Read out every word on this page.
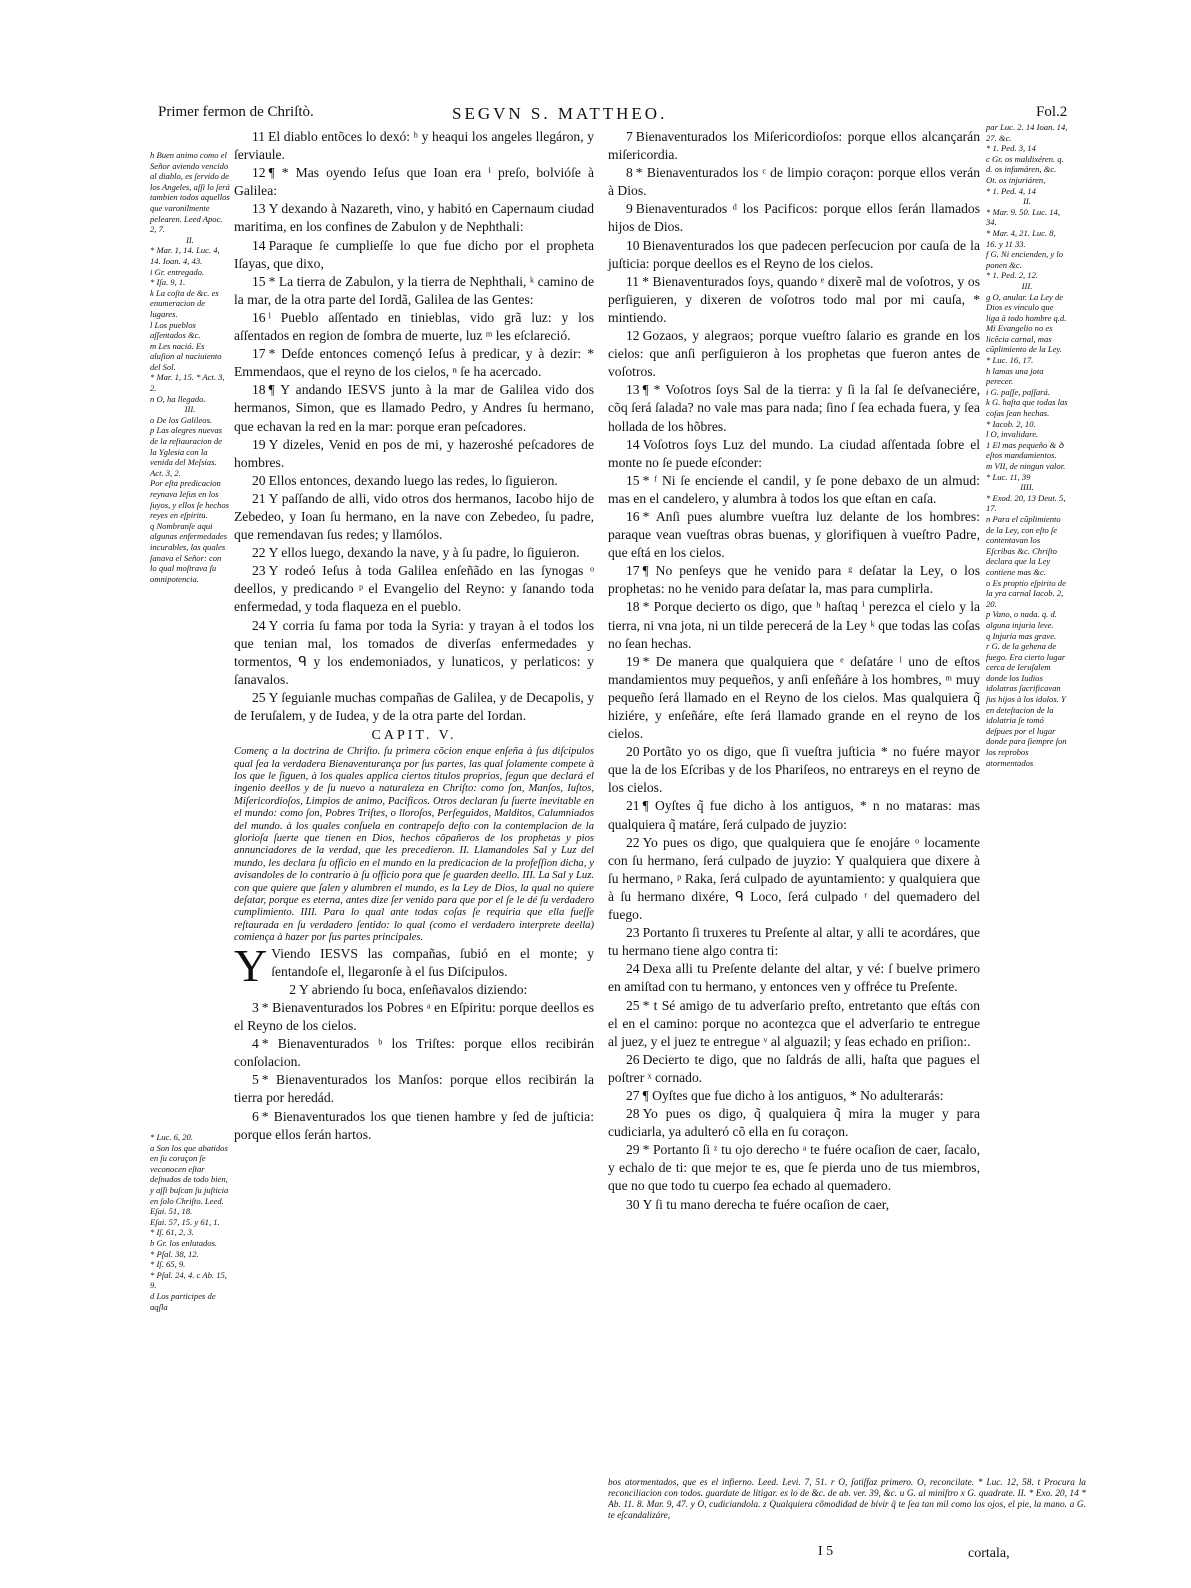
Primer fermon de Chriſtò.	SEGVN S. MATTHEO.	Fol.2
h Buen animo como el Señor aviendo vencido al diablo, es ſervido de los Angeles, aſſi lo ſerá tambien todos aquellos que varonilmente pelearen. Leed Apoc. 2, 7.
II.
* Mar. 1, 14. Luc. 4, 14. Ioan. 4, 43.
i Gr. entregado.
* Iſa. 9, 1.
k La coſta de &c. es enumeracion de lugares.
l Los pueblos aſſentados &c.
m Les nació. Es aluſion al naciuiento del Sol.
* Mar. 1, 15. * Act. 3, 2.
n O, ha llegado.
III.
o De los Galileos.
p Las alegres nuevas de la reſtauracion de la Yglesia con la venida del Meſsias. Act. 3, 2.
Por eſta predicacion reynava Ieſus en los ſuyos, y ellos ſe hechos reyes en eſpiritu.
q Nombranſe aqui algunas enfermedades incurables, las quales ſanava el Señor: con lo qual moſtrava ſu omnipotencia.
* Luc. 6, 20.
a Son los que abatidos en ſu coraçon ſe veconocen eſtar deſnudos de todo bien, y aſſi buſcan ſu juſticia en ſolo Chriſto. Leed. Eſai. 51, 18.
Eſai. 57, 15. y 61, 1.
* Iſ. 61, 2, 3.
b Gr. los enlutados.
* Pſal. 38, 12.
* Iſ. 65, 9.
* Pſal. 24, 4. c Ab. 15, 9.
d Los participes de aqſla

11 El diablo entõces lo dexó: ʰ y heaqui los angeles llegáron, y ſerviaule.

12 ¶ * Mas oyendo Ieſus que Ioan era ⁱ preſo, bolvióſe à Galilea:

13 Y dexando à Nazareth, vino, y habitó en Capernaum ciudad maritima, en los confines de Zabulon y de Nephthali:

14 Paraque ſe cumplieſſe lo que fue dicho por el propheta Iſayas, que dixo,

15 * La tierra de Zabulon, y la tierra de Nephthali, ᵏ camino de la mar, de la otra parte del Iordã, Galilea de las Gentes:

16 ˡ Pueblo aſſentado en tinieblas, vido grã luz: y los aſſentados en region de ſombra de muerte, luz ᵐ les eſclareció.

17 * Deſde entonces començó Ieſus à predicar, y à dezir: * Emmendaos, que el reyno de los cielos, ⁿ ſe ha acercado.

18 ¶ Y andando IESVS junto à la mar de Galilea vido dos hermanos, Simon, que es llamado Pedro, y Andres ſu hermano, que echavan la red en la mar: porque eran peſcadores.

19 Y dizeles, Venid en pos de mi, y hazeroshé peſcadores de hombres.

20 Ellos entonces, dexando luego las redes, lo ſiguieron.

21 Y paſſando de alli, vido otros dos hermanos, Iacobo hijo de Zebedeo, y Ioan ſu hermano, en la nave con Zebedeo, ſu padre, que remendavan ſus redes; y llamólos.

22 Y ellos luego, dexando la nave, y à ſu padre, lo ſiguieron.

23 Y rodeó Ieſus à toda Galilea enſeñãdo en las ſynogas ᵒ deellos, y predicando ᵖ el Evangelio del Reyno: y ſanando toda enfermedad, y toda flaqueza en el pueblo.

24 Y corria ſu fama por toda la Syria: y trayan à el todos los que tenian mal, los tomados de diverſas enfermedades y tormentos, ᑫ y los endemoniados, y lunaticos, y perlaticos: y ſanavalos.

25 Y ſeguianle muchas compañas de Galilea, y de Decapolis, y de Ieruſalem, y de Iudea, y de la otra parte del Iordan.

CAPIT. V.

Començ a la doctrina de Chriſto. ſu primera cõcion enque enſeña à ſus diſcipulos qual ſea la verdadera Bienaventurança por ſus partes, las qual ſolamente compete à los que le ſiguen, à los quales applica ciertos titulos proprios, ſegun que declará el ingenio deellos y de ſu nuevo a naturaleza en Chriſto: como ſon, Manſos, Iuſtos, Miſericordioſos, Limpios de animo, Pacificos. Otros declaran ſu ſuerte inevitable en el mundo: como ſon, Pobres Triſtes, o lloroſos, Perſeguidos, Malditos, Calumniados del mundo. à los quales conſuela en contrapeſo deſto con la contemplacion de la glorioſa ſuerte que tienen en Dios, hechos cõpañeros de los prophetas y pios annunciadores de la verdad, que les precedieron. II. Llamandoles Sal y Luz del mundo, les declara ſu officio en el mundo en la predicacion de la profeſſion dicha, y avisandoles de lo contrario à ſu officio pora que ſe guarden deello. III. La Sal y Luz. con que quiere que ſalen y alumbren el mundo, es la Ley de Dios, la qual no quiere deſatar, porque es eterna, antes dize ſer venido para que por el ſe le dé ſu verdadero cumplimiento. IIII. Para lo qual ante todas coſas ſe requiria que ella fueſſe reſtaurada en ſu verdadero ſentido: lo qual (como el verdadero interprete deella) comiença à hazer por ſus partes principales.

Y Viendo IESVS las compañas, ſubió en el monte; y ſentandoſe el, llegaronſe à el ſus Diſcipulos.

2 Y abriendo ſu boca, enſeñavalos diziendo:

3 * Bienaventurados los Pobres ᵃ en Eſpiritu: porque deellos es el Reyno de los cielos.

4 * Bienaventurados ᵇ los Triſtes: porque ellos recibirán conſolacion.

5 * Bienaventurados los Manſos: porque ellos recibirán la tierra por heredád.

6 * Bienaventurados los que tienen hambre y ſed de juſticia: porque ellos ſerán hartos.

7 Bienaventurados los Miſericordioſos: porque ellos alcançarán miſericordia.

8 * Bienaventurados los ᶜ de limpio coraçon: porque ellos verán à Dios.

9 Bienaventurados ᵈ los Pacificos: porque ellos ſerán llamados hijos de Dios.

10 Bienaventurados los que padecen perſecucion por cauſa de la juſticia: porque deellos es el Reyno de los cielos.

11 * Bienaventurados ſoys, quando ᵉ dixerẽ mal de voſotros, y os perſiguieren, y dixeren de voſotros todo mal por mi cauſa, * mintiendo.

12 Gozaos, y alegraos; porque vueſtro ſalario es grande en los cielos: que anſi perſiguieron à los prophetas que fueron antes de voſotros.

13 ¶ * Voſotros ſoys Sal de la tierra: y ſi la ſal ſe deſvaneciére, cõq ſerá ſalada? no vale mas para nada; ſino ſ ſea echada fuera, y ſea hollada de los hõbres.

14 Voſotros ſoys Luz del mundo. La ciudad aſſentada ſobre el monte no ſe puede eſconder:

15 * ᶠ Ni ſe enciende el candil, y ſe pone debaxo de un almud: mas en el candelero, y alumbra à todos los que eſtan en caſa.

16 * Anſi pues alumbre vueſtra luz delante de los hombres: paraque vean vueſtras obras buenas, y glorifiquen à vueſtro Padre, que eſtá en los cielos.

17 ¶ No penſeys que he venido para ᵍ deſatar la Ley, o los prophetas: no he venido para deſatar la, mas para cumplirla.

18 * Porque decierto os digo, que ʰ haſtaq ⁱ perezca el cielo y la tierra, ni vna jota, ni un tilde perecerá de la Ley ᵏ que todas las coſas no ſean hechas.

19 * De manera que qualquiera que ᵉ deſatáre ˡ uno de eſtos mandamientos muy pequeños, y anſi enſeñáre à los hombres, ᵐ muy pequeño ſerá llamado en el Reyno de los cielos. Mas qualquiera q̃ hiziére, y enſeñáre, eſte ſerá llamado grande en el reyno de los cielos.

20 Portãto yo os digo, que ſi vueſtra juſticia * no fuére mayor que la de los Eſcribas y de los Phariſeos, no entrareys en el reyno de los cielos.

21 ¶ Oyſtes q̃ fue dicho à los antiguos, * n no mataras: mas qualquiera q̃ matáre, ſerá culpado de juyzio:

22 Yo pues os digo, que qualquiera que ſe enojáre ᵒ locamente con ſu hermano, ſerá culpado de juyzio: Y qualquiera que dixere à ſu hermano, ᵖ Raka, ſerá culpado de ayuntamiento: y qualquiera que à ſu hermano dixére, ᑫ Loco, ſerá culpado ʳ del quemadero del fuego.

23 Portanto ſi truxeres tu Preſente al altar, y alli te acordáres, que tu hermano tiene algo contra ti:

24 Dexa alli tu Preſente delante del altar, y vé: ſ buelve primero en amiſtad con tu hermano, y entonces ven y offréce tu Preſente.

25 * t Sé amigo de tu adverſario preſto, entretanto que eſtás con el en el camino: porque no aconteẓca que el adverſario te entregue al juez, y el juez te entregue ᵛ al alguazil; y ſeas echado en priſion:.

26 Decierto te digo, que no ſaldrás de alli, haſta que pagues el poſtrer ˣ cornado.

27 ¶ Oyſtes que fue dicho à los antiguos, * No adulterarás:

28 Yo pues os digo, q̃ qualquiera q̃ mira la muger y para cudiciarla, ya adulteró cõ ella en ſu coraçon.

29 * Portanto ſi ᶻ tu ojo derecho ᵃ te fuére ocaſion de caer, ſacalo, y echalo de ti: que mejor te es, que ſe pierda uno de tus miembros, que no que todo tu cuerpo ſea echado al quemadero.

30 Y ſi tu mano derecha te fuére ocaſion de caer,

par Luc. 2. 14 Ioan. 14, 27. &c.
* 1. Ped. 3, 14
c Gr. os maldixéren. q. d. os infamáren, &c. Ot. os injuriáren,
* 1. Ped. 4, 14
II.
* Mar. 9. 50. Luc. 14, 34.
* Mar. 4, 21. Luc. 8, 16. y 11 33.
f G. Ni encienden, y lo ponen &c.
* 1. Ped. 2, 12.
III.
g O, anular. La Ley de Dios es vinculo que liga à todo hombre q.d. Mi Evangelio no es licẽcia carnal, mas cũplimiento de la Ley.
* Luc. 16, 17.
h lamas una jota perecer.
i G. paſſe, paſſará.
k G. haſta que todas las coſas ſean hechas.
* Iacob. 2, 10.
l O, invalidare.
1 El mas pequeño & ꝺ eſtos mandamientos.
m VII, de ningun valor.
* Luc. 11, 39
IIII.
* Exod. 20, 13 Deut. 5, 17.
n Para el cũplimiento de la Ley, con eſto ſe contentavan los Eſcribas &c. Chriſto declara que la Ley contiene mas &c.
o Es proptio eſpirito de la yra carnal Iacob. 2, 20.
p Vano, o nada. q. d. alguna injuria leve.
q Injuria mas grave.
r G. de la gehena de fuego. Era cierto lugar cerca de Ieruſalem donde los Iudios idolatras ſacrificavan ſus hijos à los idolos. Y en deteſtacion de la idolatria ſe tomó deſpues por el lugar donde para ſiempre ſon los reprobos atormentados
bos atormentados, que es el infierno. Leed. Levi. 7, 51. r O, ſatiſfaz primero. O, reconcilate. * Luc. 12, 58. t Procura la reconciliacion con todos. guardate de litigar. es lo de &c. de ab. ver. 39, &c. u G. al miniſtro x G. quadrate. II. * Exo. 20, 14 * Ab. 11. 8. Mar. 9, 47. y O, cudiciandola. z Qualquiera cõmodidad de bivir q̃ te ſea tan mil como los ojos, el pie, la mano. a G. te eſcandalizáre,
I 5	cortala,
